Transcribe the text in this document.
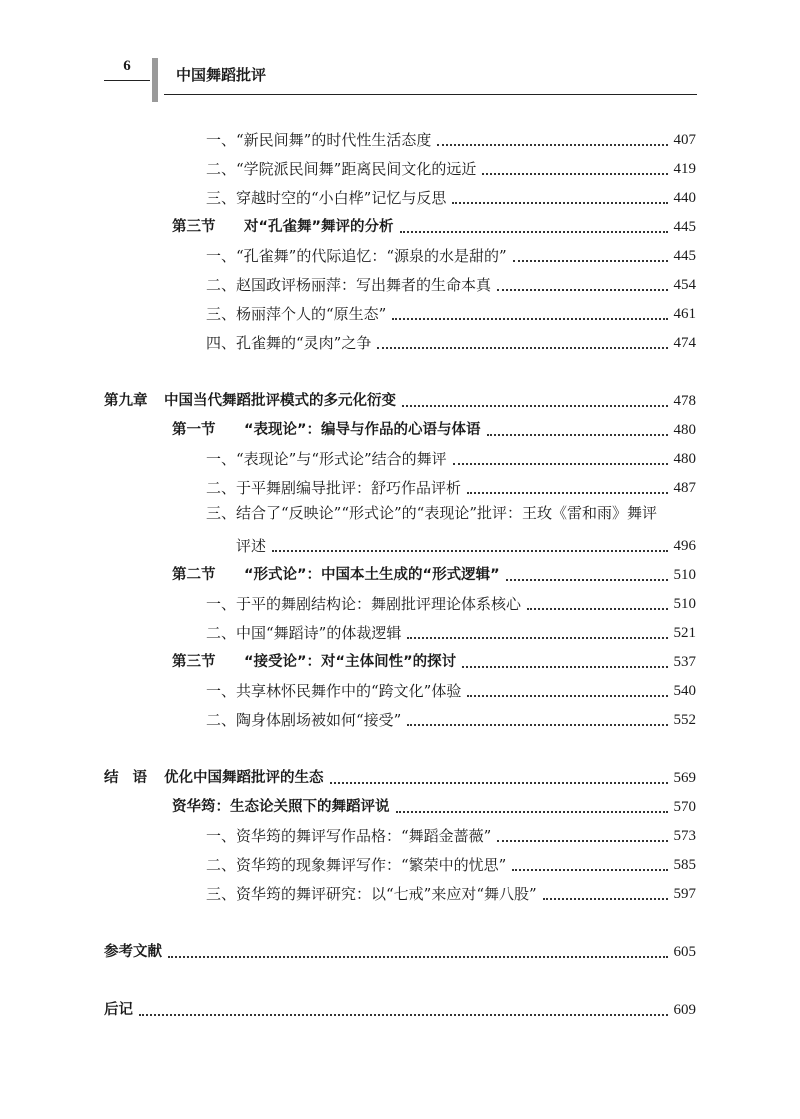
6	中国舞蹈批评
一、“新民间舞”的时代性生活态度	407
二、“学院派民间舞”距离民间文化的远近	419
三、穿越时空的“小白桦”记忆与反思	440
第三节 对“孔雀舞”舞评的分析	445
一、“孔雀舞”的代际追忆：“源泉的水是甜的”	445
二、赵国政评杨丽萍：写出舞者的生命本真	454
三、杨丽萍个人的“原生态”	461
四、孔雀舞的“灵肉”之争	474
第九章 中国当代舞蹈批评模式的多元化衍变	478
第一节 “表现论”：编导与作品的心语与体语	480
一、“表现论”与“形式论”结合的舞评	480
二、于平舞剧编导批评：舒巧作品评析	487
三、结合了“反映论”“形式论”的“表现论”批评：王玫《雷和雨》舞评
评述	496
第二节 “形式论”：中国本土生成的“形式逻辑”	510
一、于平的舞剧结构论：舞剧批评理论体系核心	510
二、中国“舞蹈诗”的体裁逻辑	521
第三节 “接受论”：对“主体间性”的探讨	537
一、共享林怀民舞作中的“跨文化”体验	540
二、陶身体剧场被如何“接受”	552
结语 优化中国舞蹈批评的生态	569
资华筠：生态论关照下的舞蹈评说	570
一、资华筠的舞评写作品格：“舞蹈金蔷薇”	573
二、资华筠的现象舞评写作：“繁荣中的忧思”	585
三、资华筠的舞评研究：以“七戒”来应对“舞八股”	597
参考文献	605
后记	609
